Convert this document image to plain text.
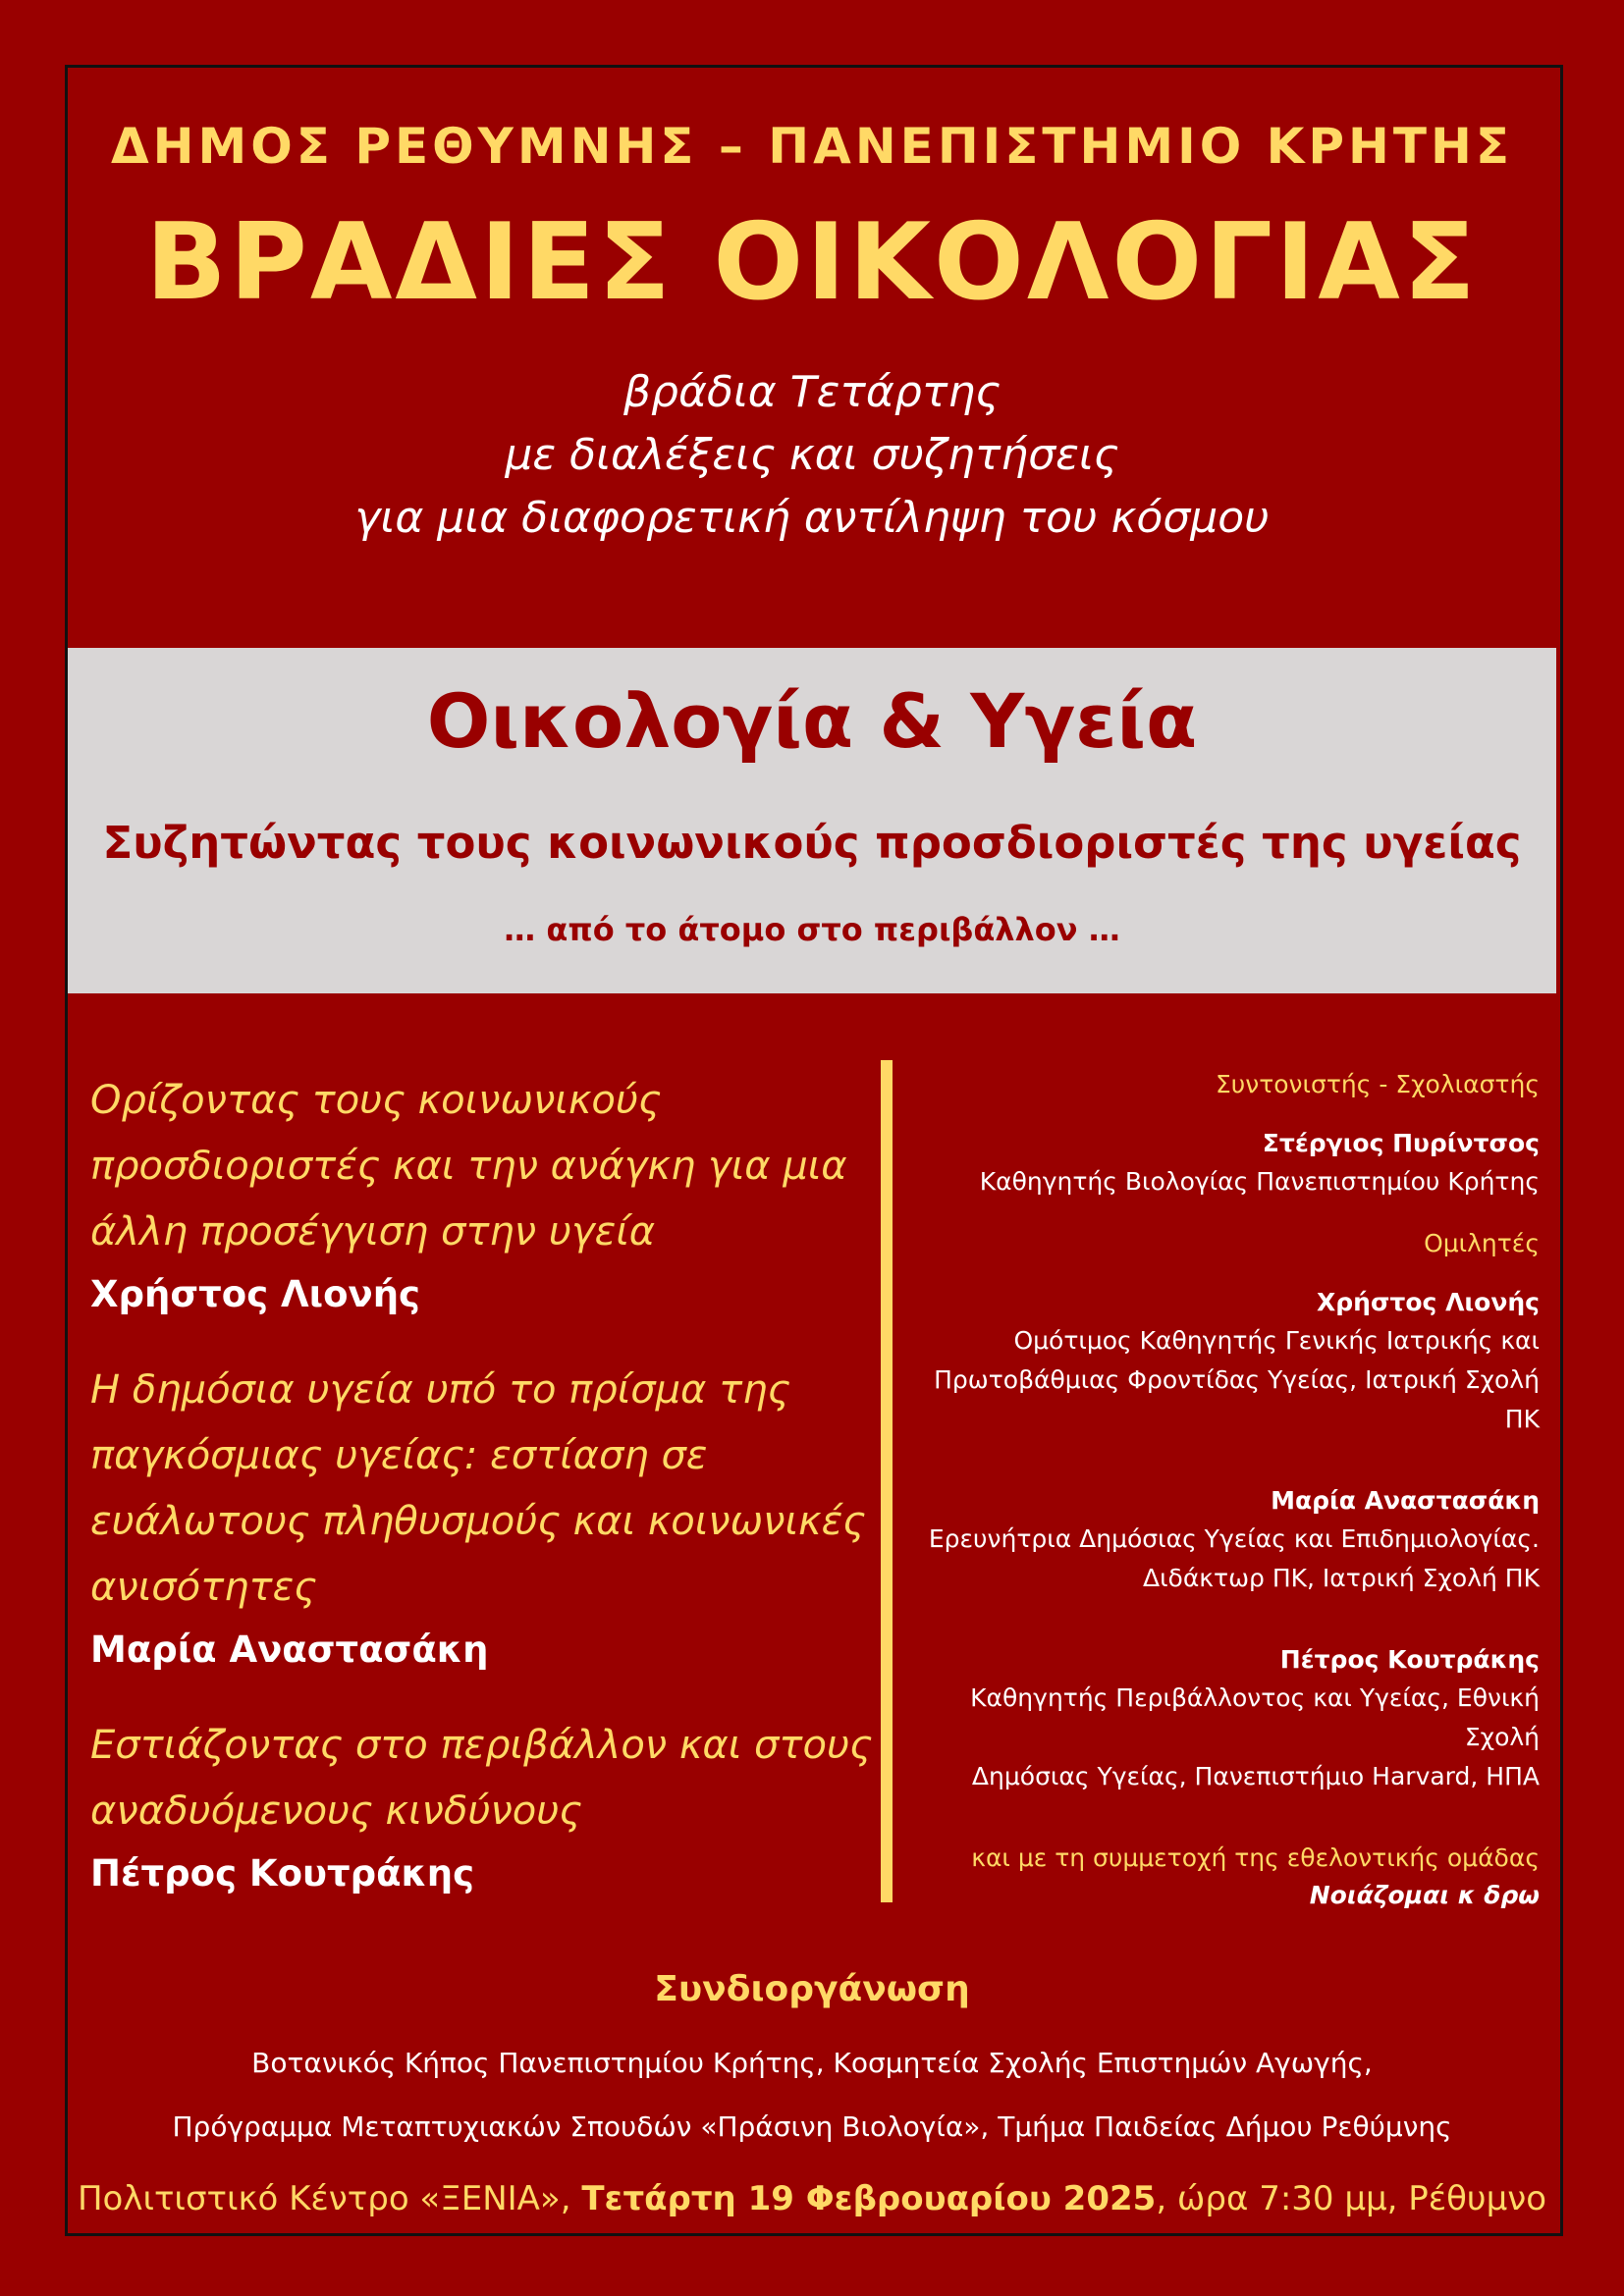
ΔΗΜΟΣ ΡΕΘΥΜΝΗΣ – ΠΑΝΕΠΙΣΤΗΜΙΟ ΚΡΗΤΗΣ
ΒΡΑΔΙΕΣ ΟΙΚΟΛΟΓΙΑΣ
βράδια Τετάρτης
με διαλέξεις και συζητήσεις
για μια διαφορετική αντίληψη του κόσμου
Οικολογία & Υγεία
Συζητώντας τους κοινωνικούς προσδιοριστές της υγείας
… από το άτομο στο περιβάλλον …
Ορίζοντας τους κοινωνικούς
προσδιοριστές και την ανάγκη για μια
άλλη προσέγγιση στην υγεία
Χρήστος Λιονής
Η δημόσια υγεία υπό το πρίσμα της
παγκόσμιας υγείας: εστίαση σε
ευάλωτους πληθυσμούς και κοινωνικές
ανισότητες
Μαρία Αναστασάκη
Εστιάζοντας στο περιβάλλον και στους
αναδυόμενους κινδύνους
Πέτρος Κουτράκης
Συντονιστής - Σχολιαστής
Στέργιος Πυρίντσος
Καθηγητής Βιολογίας Πανεπιστημίου Κρήτης
Ομιλητές
Χρήστος Λιονής
Ομότιμος Καθηγητής Γενικής Ιατρικής και
Πρωτοβάθμιας Φροντίδας Υγείας, Ιατρική Σχολή ΠΚ
Μαρία Αναστασάκη
Ερευνήτρια Δημόσιας Υγείας και Επιδημιολογίας.
Διδάκτωρ ΠΚ, Ιατρική Σχολή ΠΚ
Πέτρος Κουτράκης
Καθηγητής Περιβάλλοντος και Υγείας, Εθνική Σχολή
Δημόσιας Υγείας, Πανεπιστήμιο Harvard, ΗΠΑ
και με τη συμμετοχή της εθελοντικής ομάδας
Νοιάζομαι κ δρω
Συνδιοργάνωση
Βοτανικός Κήπος Πανεπιστημίου Κρήτης, Κοσμητεία Σχολής Επιστημών Αγωγής,
Πρόγραμμα Μεταπτυχιακών Σπουδών «Πράσινη Βιολογία», Τμήμα Παιδείας Δήμου Ρεθύμνης
Πολιτιστικό Κέντρο «ΞΕΝΙΑ», Τετάρτη 19 Φεβρουαρίου 2025, ώρα 7:30 μμ, Ρέθυμνο
